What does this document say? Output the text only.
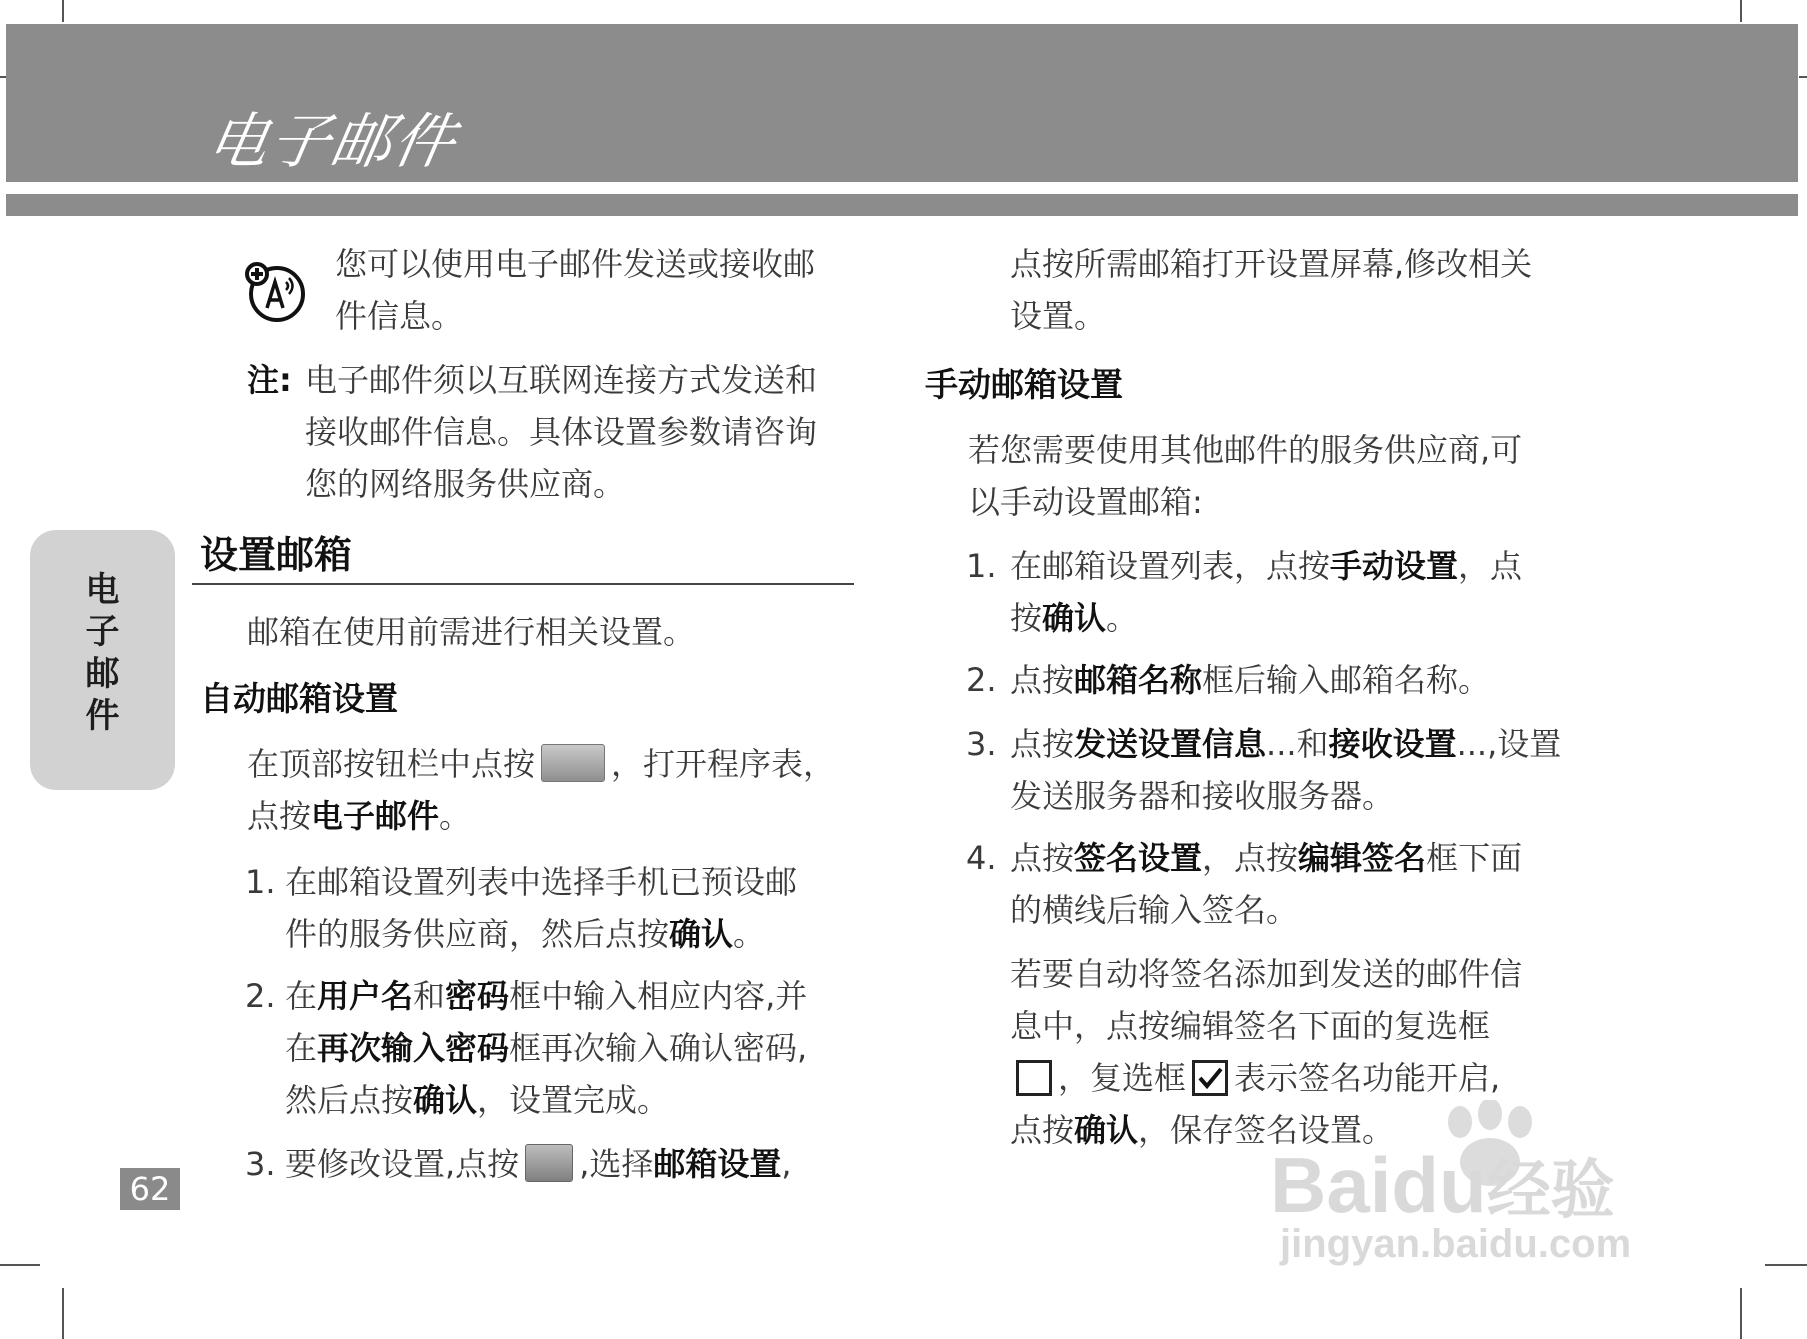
电子邮件
电
子
邮
件
62
您可以使用电子邮件发送或接收邮
件信息。
注: 电子邮件须以互联网连接方式发送和
接收邮件信息。具体设置参数请咨询
您的网络服务供应商。
设置邮箱
邮箱在使用前需进行相关设置。
自动邮箱设置
在顶部按钮栏中点按 ，打开程序表，
点按电子邮件。
1. 在邮箱设置列表中选择手机已预设邮
件的服务供应商，然后点按确认。
2. 在用户名和密码框中输入相应内容,并
在再次输入密码框再次输入确认密码,
然后点按确认，设置完成。
3. 要修改设置,点按 ,选择邮箱设置,
点按所需邮箱打开设置屏幕,修改相关
设置。
手动邮箱设置
若您需要使用其他邮件的服务供应商,可
以手动设置邮箱:
1. 在邮箱设置列表，点按手动设置，点
按确认。
2. 点按邮箱名称框后输入邮箱名称。
3. 点按发送设置信息...和接收设置...,设置
发送服务器和接收服务器。
4. 点按签名设置，点按编辑签名框下面
的横线后输入签名。
若要自动将签名添加到发送的邮件信
息中，点按编辑签名下面的复选框
，复选框 表示签名功能开启,
点按确认，保存签名设置。
Baidu经验
jingyan.baidu.com
